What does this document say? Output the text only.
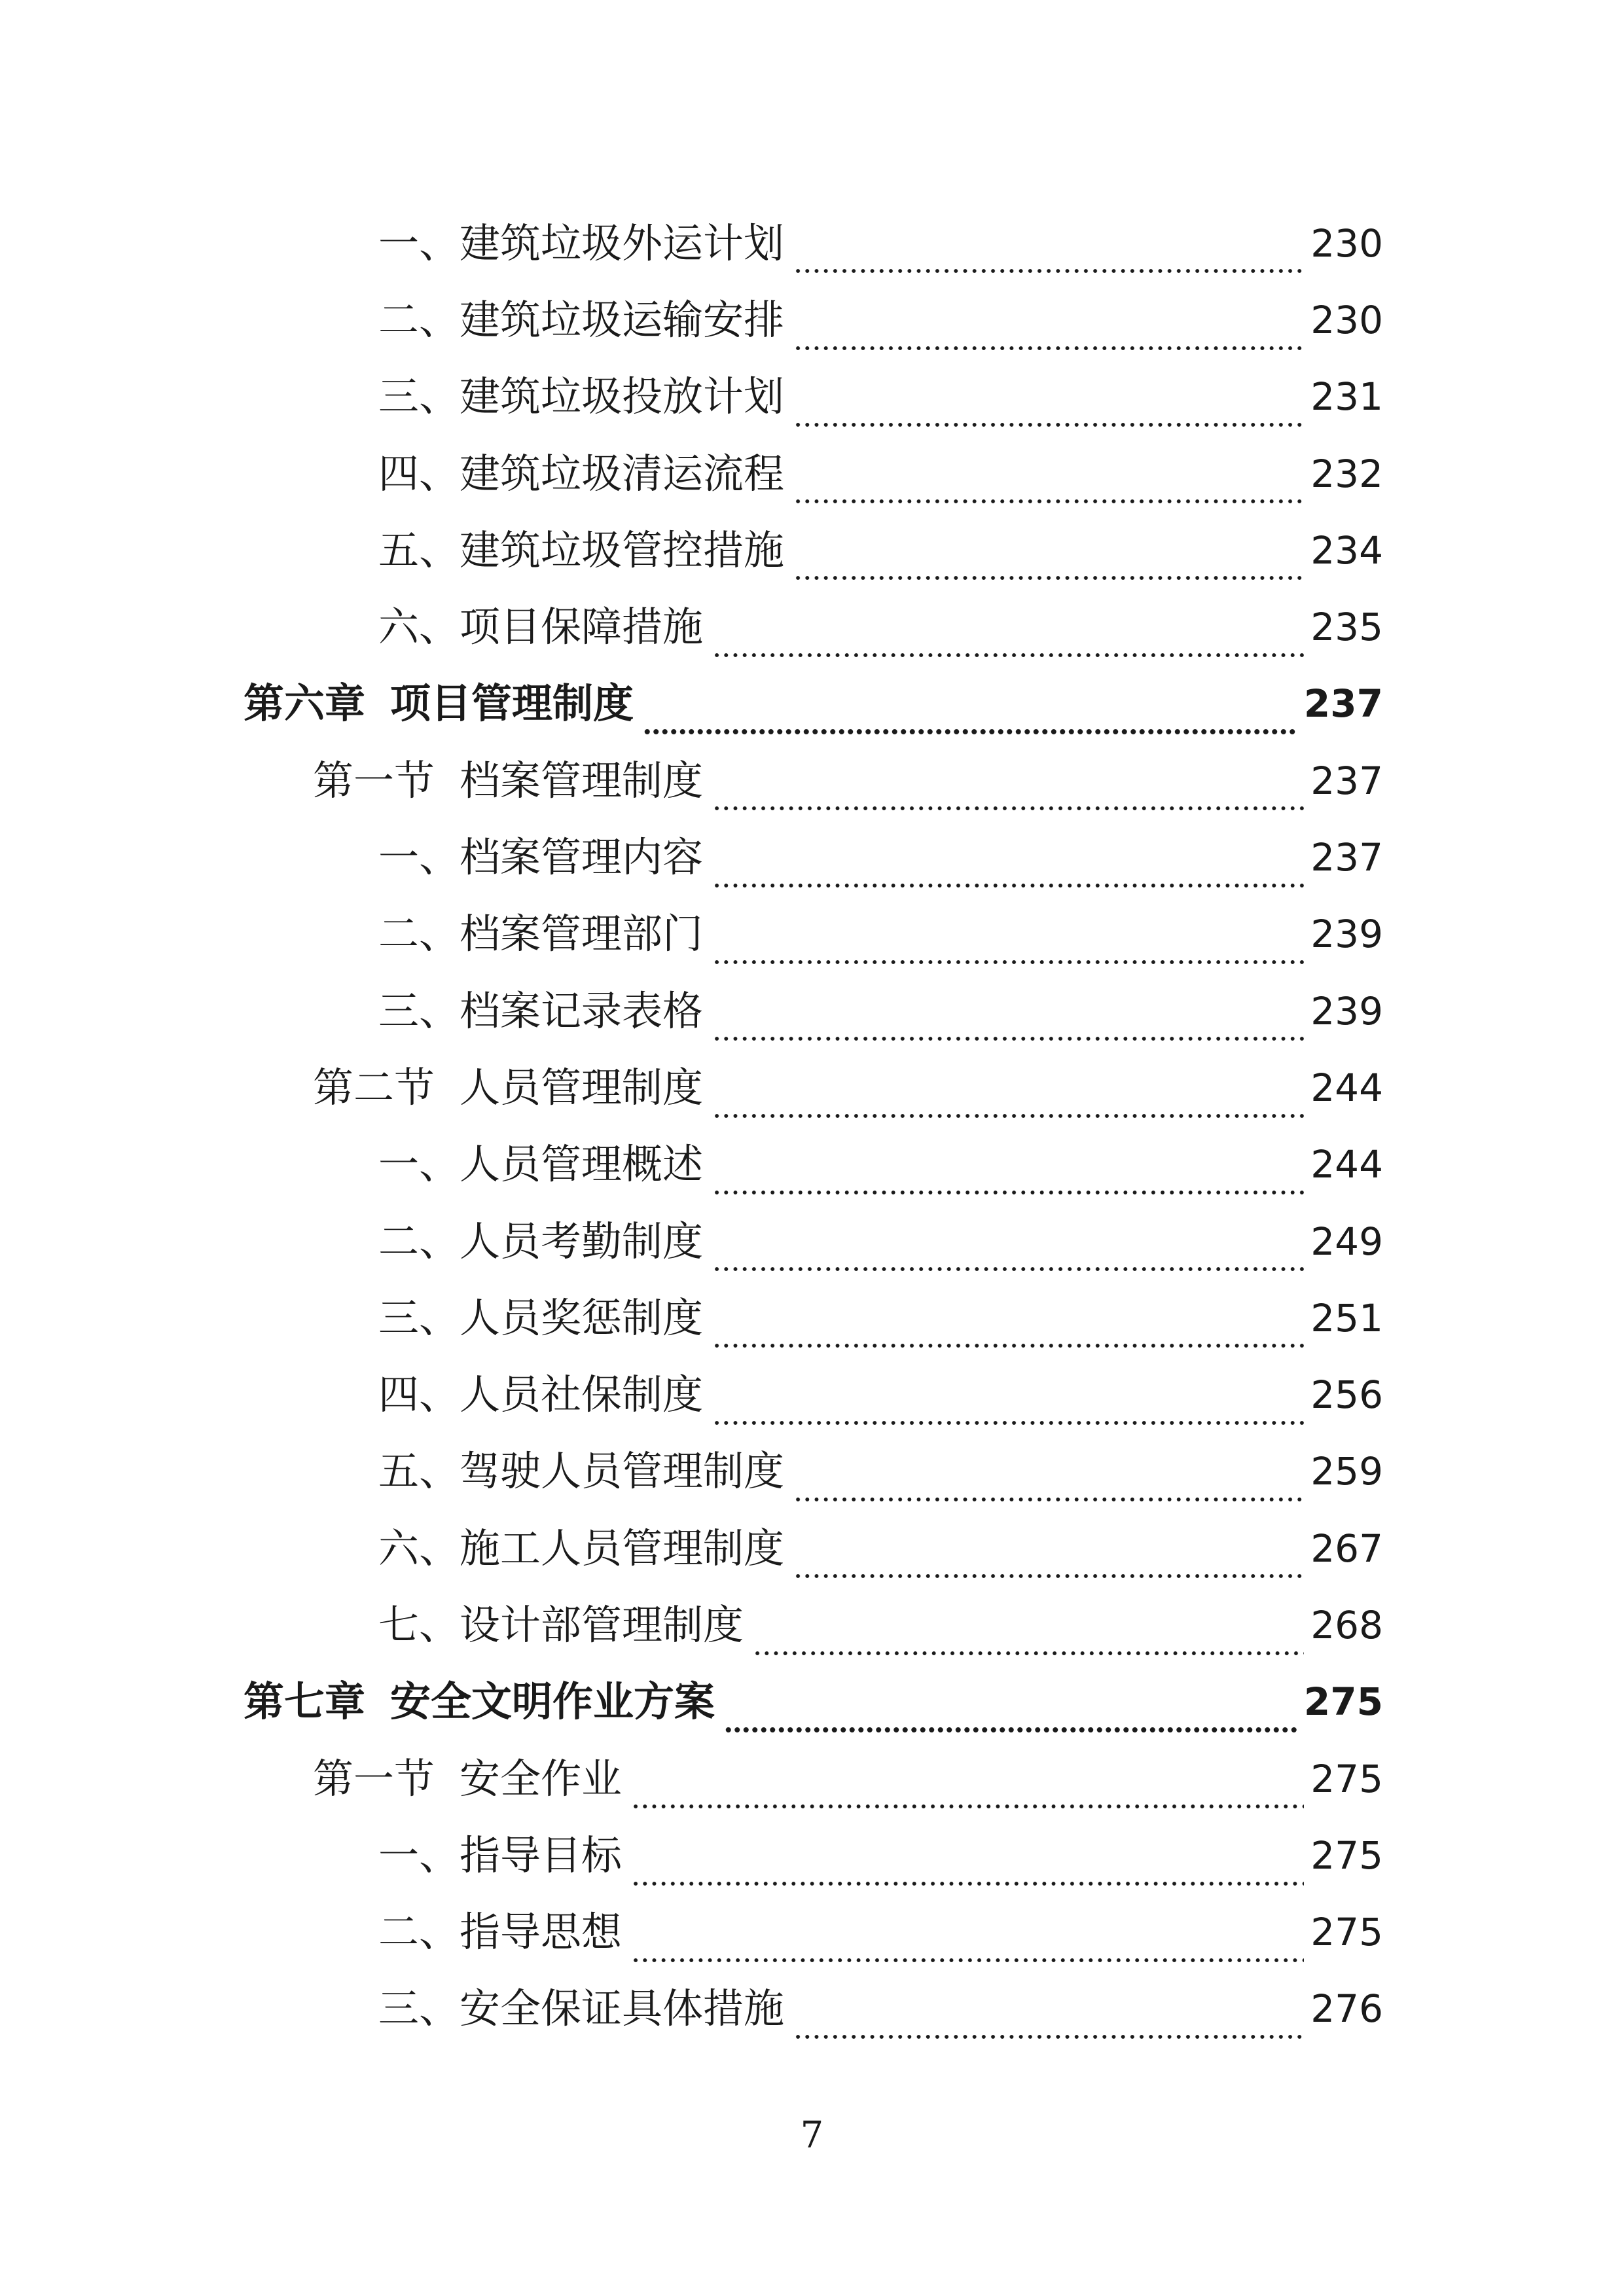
一、 建筑垃圾外运计划	230
二、 建筑垃圾运输安排	230
三、 建筑垃圾投放计划	231
四、 建筑垃圾清运流程	232
五、 建筑垃圾管控措施	234
六、 项目保障措施	235
第六章 项目管理制度	237
第一节 档案管理制度	237
一、 档案管理内容	237
二、 档案管理部门	239
三、 档案记录表格	239
第二节 人员管理制度	244
一、 人员管理概述	244
二、 人员考勤制度	249
三、 人员奖惩制度	251
四、 人员社保制度	256
五、 驾驶人员管理制度	259
六、 施工人员管理制度	267
七、 设计部管理制度	268
第七章 安全文明作业方案	275
第一节 安全作业	275
一、 指导目标	275
二、 指导思想	275
三、 安全保证具体措施	276
7
